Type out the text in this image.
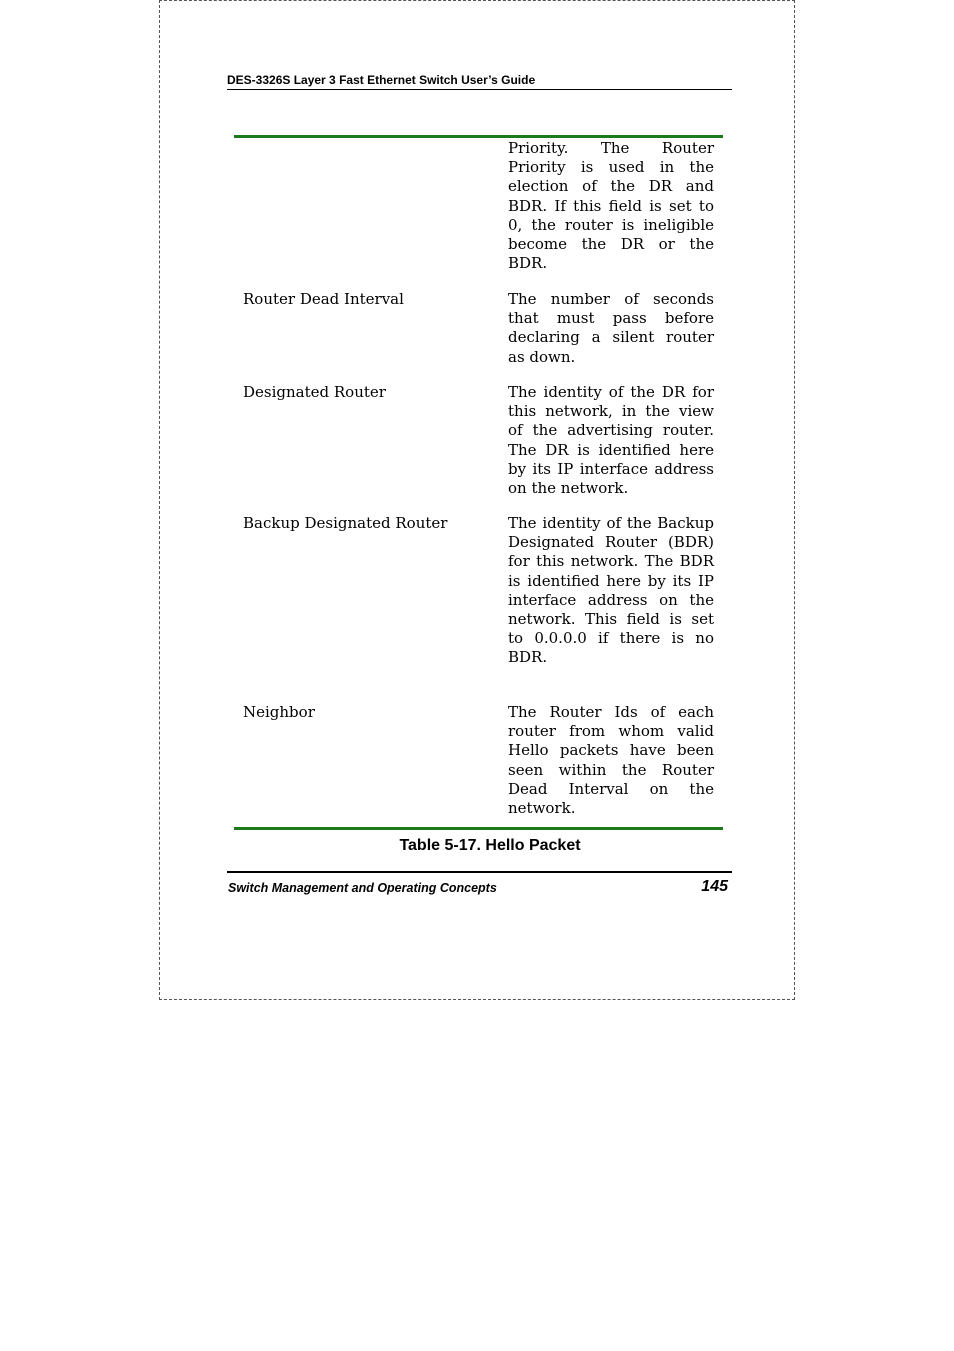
DES-3326S Layer 3 Fast Ethernet Switch User’s Guide
Priority. The Router Priority is used in the election of the DR and BDR. If this field is set to 0, the router is ineligible become the DR or the BDR.
Router Dead Interval	The number of seconds that must pass before declaring a silent router as down.
Designated Router	The identity of the DR for this network, in the view of the advertising router. The DR is identified here by its IP interface address on the network.
Backup Designated Router	The identity of the Backup Designated Router (BDR) for this network. The BDR is identified here by its IP interface address on the network. This field is set to 0.0.0.0 if there is no BDR.
Neighbor	The Router Ids of each router from whom valid Hello packets have been seen within the Router Dead Interval on the network.
Table 5-17. Hello Packet
Switch Management and Operating Concepts	145
